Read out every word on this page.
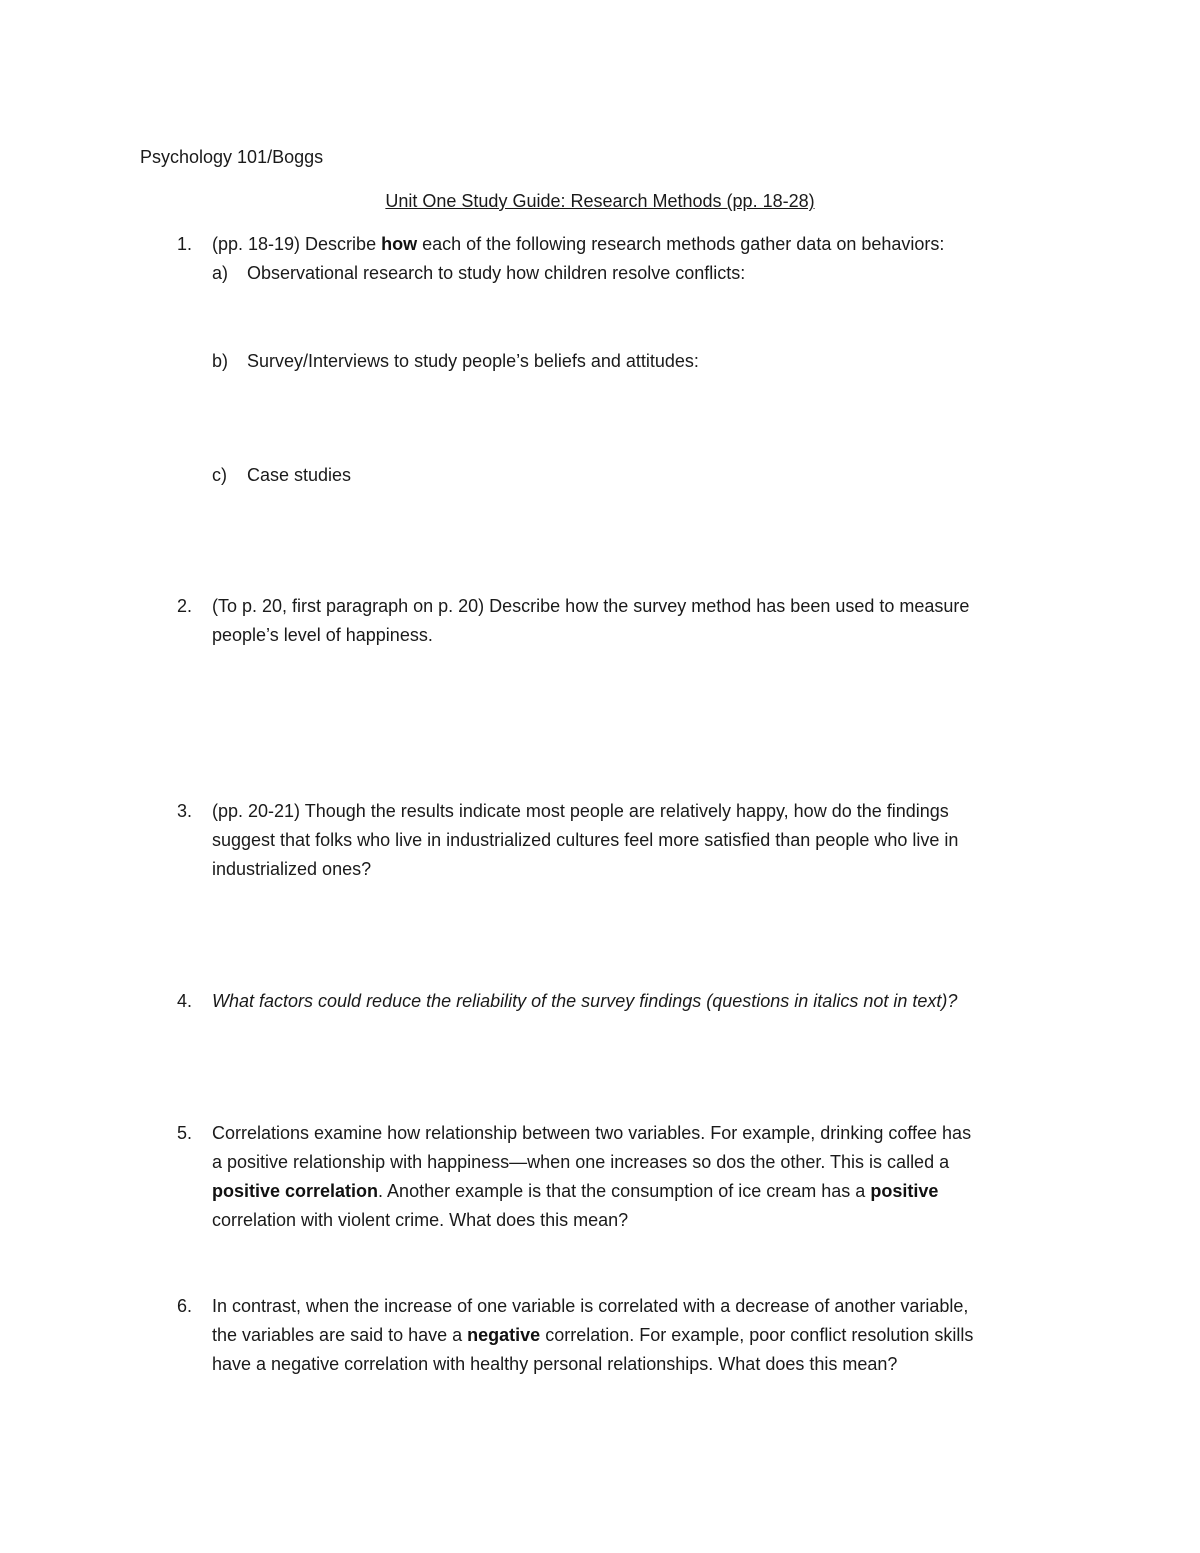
Psychology 101/Boggs
Unit One Study Guide: Research Methods (pp. 18-28)
1. (pp. 18-19) Describe how each of the following research methods gather data on behaviors:
a)	Observational research to study how children resolve conflicts:
b)	Survey/Interviews to study people’s beliefs and attitudes:
c)	Case studies
2. (To p. 20, first paragraph on p. 20) Describe how the survey method has been used to measure
people’s level of happiness.
3. (pp. 20-21) Though the results indicate most people are relatively happy, how do the findings
suggest that folks who live in industrialized cultures feel more satisfied than people who live in
industrialized ones?
4. What factors could reduce the reliability of the survey findings (questions in italics not in text)?
5. Correlations examine how relationship between two variables. For example, drinking coffee has
a positive relationship with happiness—when one increases so dos the other. This is called a
positive correlation. Another example is that the consumption of ice cream has a positive
correlation with violent crime. What does this mean?
6. In contrast, when the increase of one variable is correlated with a decrease of another variable,
the variables are said to have a negative correlation. For example, poor conflict resolution skills
have a negative correlation with healthy personal relationships. What does this mean?
